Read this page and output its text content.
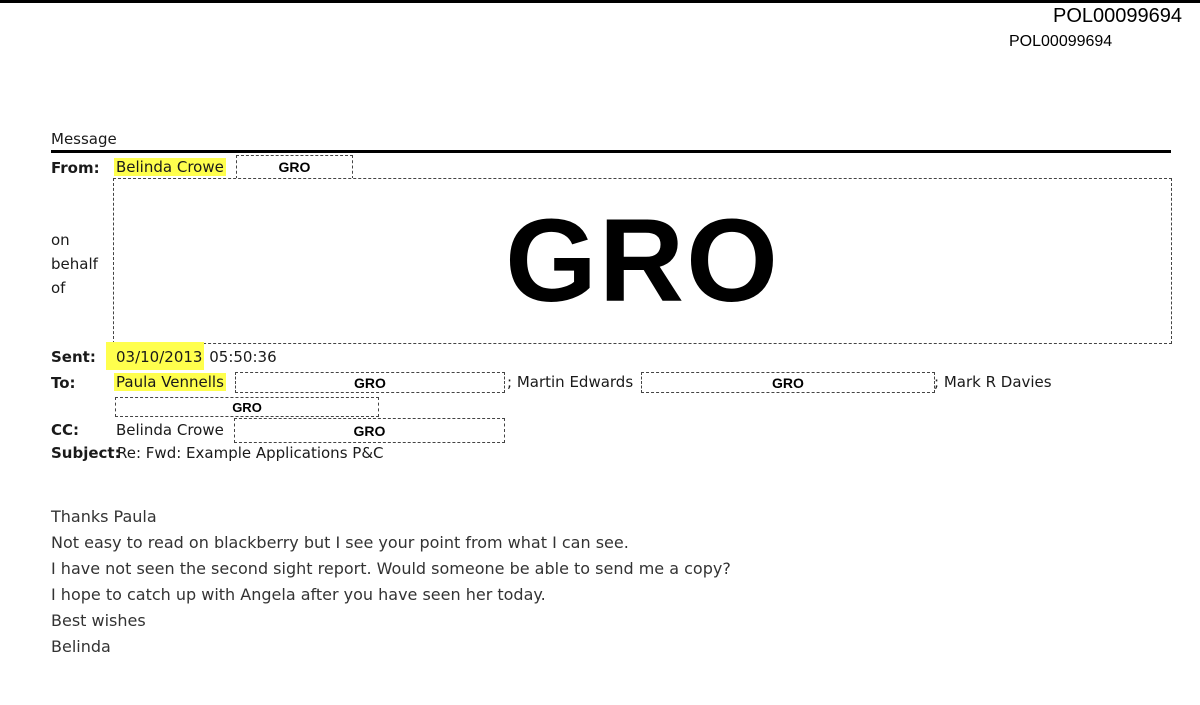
POL00099694
POL00099694
Message
From: Belinda Crowe	GRO
on
behalf
of	GRO
Sent:	03/10/2013 05:50:36
To:	Paula Vennells	GRO	; Martin Edwards	GRO	; Mark R Davies
GRO
CC: Belinda Crowe	GRO
Subject:
Re: Fwd: Example Applications P&C
Thanks Paula
Not easy to read on blackberry but I see your point from what I can see.
I have not seen the second sight report. Would someone be able to send me a copy?
I hope to catch up with Angela after you have seen her today.
Best wishes
Belinda
